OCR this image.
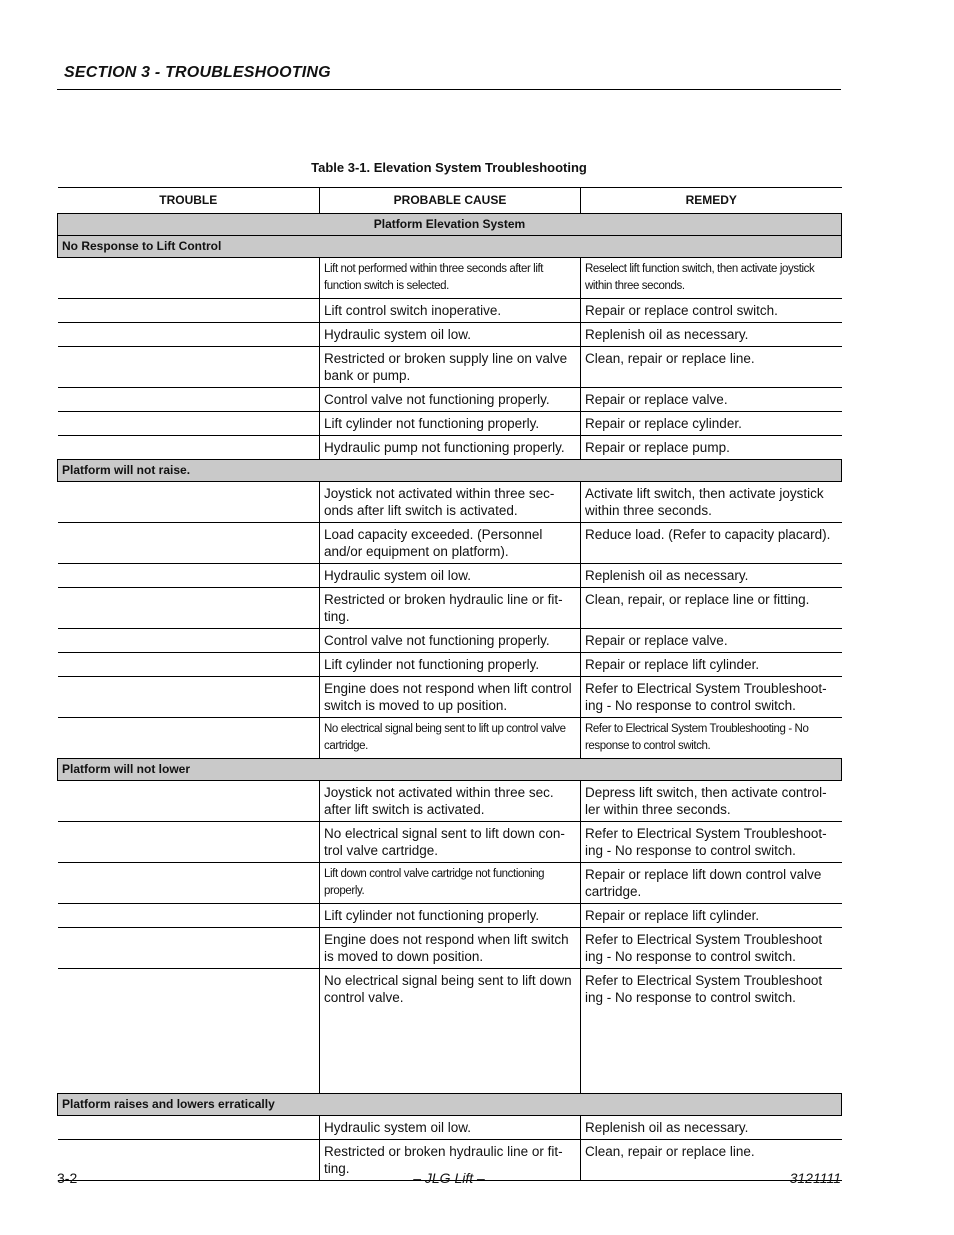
SECTION 3 - TROUBLESHOOTING
Table 3-1. Elevation System Troubleshooting
TROUBLE	PROBABLE CAUSE	REMEDY
Platform Elevation System		
No Response to Lift Control		
	Lift not performed within three seconds after lift function switch is selected.	Reselect lift function switch, then activate joystick within three seconds.
	Lift control switch inoperative.	Repair or replace control switch.
	Hydraulic system oil low.	Replenish oil as necessary.
	Restricted or broken supply line on valve bank or pump.	Clean, repair or replace line.
	Control valve not functioning properly.	Repair or replace valve.
	Lift cylinder not functioning properly.	Repair or replace cylinder.
	Hydraulic pump not functioning properly.	Repair or replace pump.
Platform will not raise.		
	Joystick not activated within three sec- onds after lift switch is activated.	Activate lift switch, then activate joystick within three seconds.
	Load capacity exceeded. (Personnel and/or equipment on platform).	Reduce load. (Refer to capacity placard).
	Hydraulic system oil low.	Replenish oil as necessary.
	Restricted or broken hydraulic line or fit- ting.	Clean, repair, or replace line or fitting.
	Control valve not functioning properly.	Repair or replace valve.
	Lift cylinder not functioning properly.	Repair or replace lift cylinder.
	Engine does not respond when lift control switch is moved to up position.	Refer to Electrical System Troubleshoot- ing - No response to control switch.
	No electrical signal being sent to lift up control valve cartridge.	Refer to Electrical System Troubleshooting - No response to control switch.
Platform will not lower		
	Joystick not activated within three sec. after lift switch is activated.	Depress lift switch, then activate control- ler within three seconds.
	No electrical signal sent to lift down con- trol valve cartridge.	Refer to Electrical System Troubleshoot- ing - No response to control switch.
	Lift down control valve cartridge not functioning properly.	Repair or replace lift down control valve cartridge.
	Lift cylinder not functioning properly.	Repair or replace lift cylinder.
	Engine does not respond when lift switch is moved to down position.	Refer to Electrical System Troubleshoot ing - No response to control switch.
	No electrical signal being sent to lift down control valve.	Refer to Electrical System Troubleshoot ing - No response to control switch.
Platform raises and lowers erratically		
	Hydraulic system oil low.	Replenish oil as necessary.
	Restricted or broken hydraulic line or fit- ting.	Clean, repair or replace line.
3-2	– JLG Lift –	3121111
